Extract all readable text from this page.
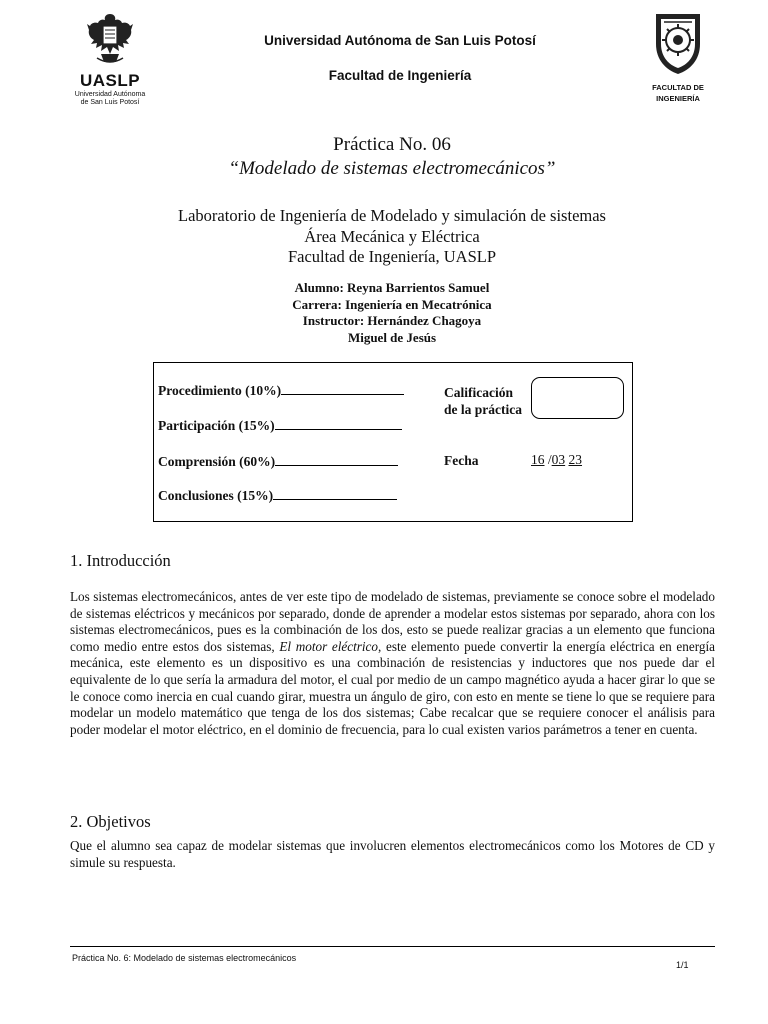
UASLP
Universidad Autónoma
de San Luis Potosí
Universidad Autónoma de San Luis Potosí
Facultad de Ingeniería
FACULTAD DE
INGENIERÍA
Práctica No. 06
“Modelado de sistemas electromecánicos”
Laboratorio de Ingeniería de Modelado y simulación de sistemas
Área Mecánica y Eléctrica
Facultad de Ingeniería, UASLP
Alumno: Reyna Barrientos Samuel
Carrera: Ingeniería en Mecatrónica
Instructor: Hernández Chagoya
Miguel de Jesús
Procedimiento (10%)
Participación (15%)
Comprensión (60%)
Conclusiones (15%)
Calificación
de la práctica
Fecha	16 /03 23
1. Introducción
Los sistemas electromecánicos, antes de ver este tipo de modelado de sistemas, previamente se conoce sobre el modelado de sistemas eléctricos y mecánicos por separado, donde de aprender a modelar estos sistemas por separado, ahora con los sistemas electromecánicos, pues es la combinación de los dos, esto se puede realizar gracias a un elemento que funciona como medio entre estos dos sistemas, El motor eléctrico, este elemento puede convertir la energía eléctrica en energía mecánica, este elemento es un dispositivo es una combinación de resistencias y inductores que nos puede dar el equivalente de lo que sería la armadura del motor, el cual por medio de un campo magnético ayuda a hacer girar lo que se le conoce como inercia en cual cuando girar, muestra un ángulo de giro, con esto en mente se tiene lo que se requiere para modelar un modelo matemático que tenga de los dos sistemas; Cabe recalcar que se requiere conocer el análisis para poder modelar el motor eléctrico, en el dominio de frecuencia, para lo cual existen varios parámetros a tener en cuenta.
2. Objetivos
Que el alumno sea capaz de modelar sistemas que involucren elementos electromecánicos como los Motores de CD y simule su respuesta.
Práctica No. 6: Modelado de sistemas electromecánicos
1/1
